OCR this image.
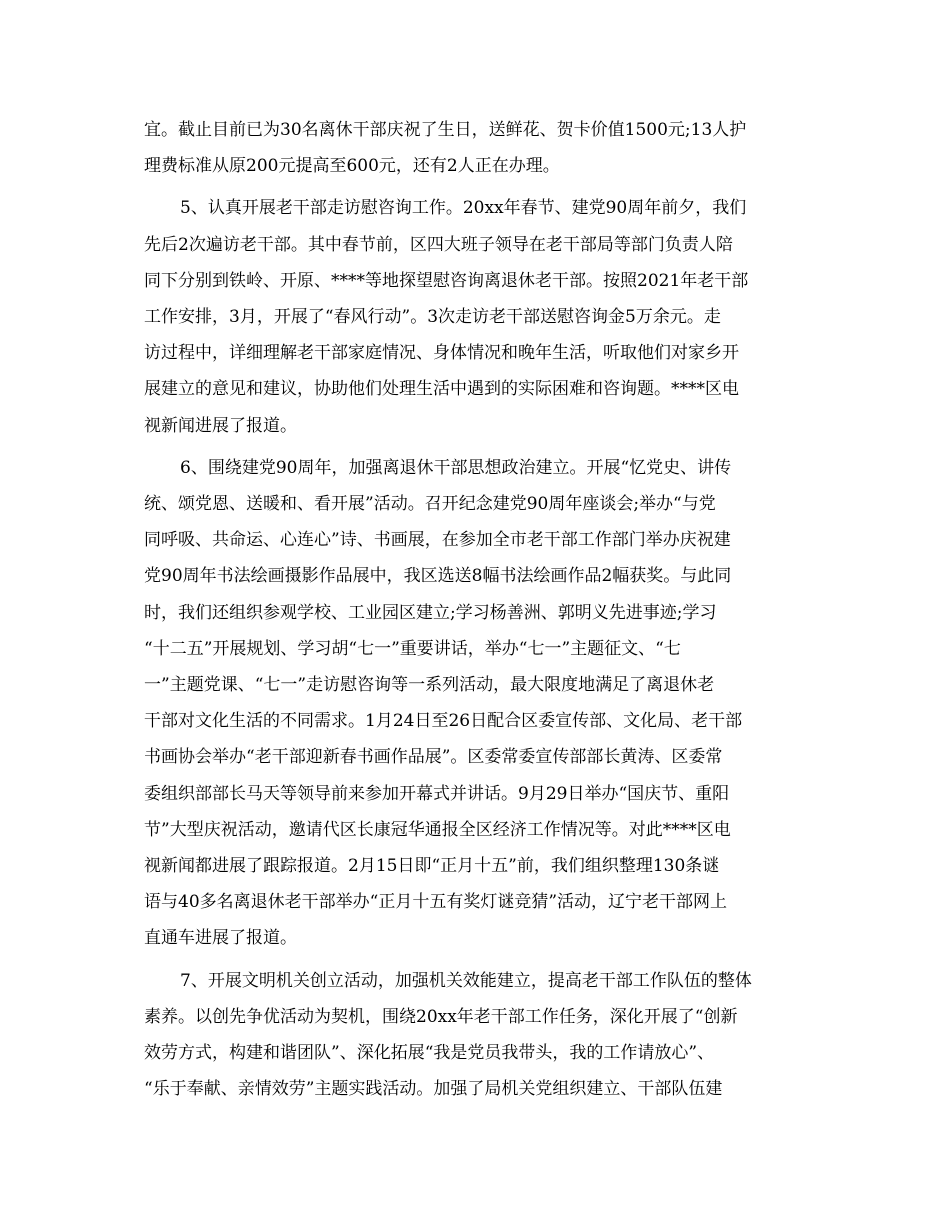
宜。截止目前已为30名离休干部庆祝了生日，送鲜花、贺卡价值1500元;13人护
理费标准从原200元提高至600元，还有2人正在办理。
5、认真开展老干部走访慰咨询工作。20xx年春节、建党90周年前夕，我们
先后2次遍访老干部。其中春节前，区四大班子领导在老干部局等部门负责人陪
同下分别到铁岭、开原、****等地探望慰咨询离退休老干部。按照2021年老干部
工作安排，3月，开展了“春风行动”。3次走访老干部送慰咨询金5万余元。走
访过程中，详细理解老干部家庭情况、身体情况和晚年生活，听取他们对家乡开
展建立的意见和建议，协助他们处理生活中遇到的实际困难和咨询题。****区电
视新闻进展了报道。
6、围绕建党90周年，加强离退休干部思想政治建立。开展“忆党史、讲传
统、颂党恩、送暖和、看开展”活动。召开纪念建党90周年座谈会;举办“与党
同呼吸、共命运、心连心”诗、书画展，在参加全市老干部工作部门举办庆祝建
党90周年书法绘画摄影作品展中，我区选送8幅书法绘画作品2幅获奖。与此同
时，我们还组织参观学校、工业园区建立;学习杨善洲、郭明义先进事迹;学习
“十二五”开展规划、学习胡“七一”重要讲话，举办“七一”主题征文、“七
一”主题党课、“七一”走访慰咨询等一系列活动，最大限度地满足了离退休老
干部对文化生活的不同需求。1月24日至26日配合区委宣传部、文化局、老干部
书画协会举办“老干部迎新春书画作品展”。区委常委宣传部部长黄涛、区委常
委组织部部长马天等领导前来参加开幕式并讲话。9月29日举办“国庆节、重阳
节”大型庆祝活动，邀请代区长康冠华通报全区经济工作情况等。对此****区电
视新闻都进展了跟踪报道。2月15日即“正月十五”前，我们组织整理130条谜
语与40多名离退休老干部举办“正月十五有奖灯谜竞猜”活动，辽宁老干部网上
直通车进展了报道。
7、开展文明机关创立活动，加强机关效能建立，提高老干部工作队伍的整体
素养。以创先争优活动为契机，围绕20xx年老干部工作任务，深化开展了“创新
效劳方式，构建和谐团队”、深化拓展“我是党员我带头，我的工作请放心”、
“乐于奉献、亲情效劳”主题实践活动。加强了局机关党组织建立、干部队伍建
